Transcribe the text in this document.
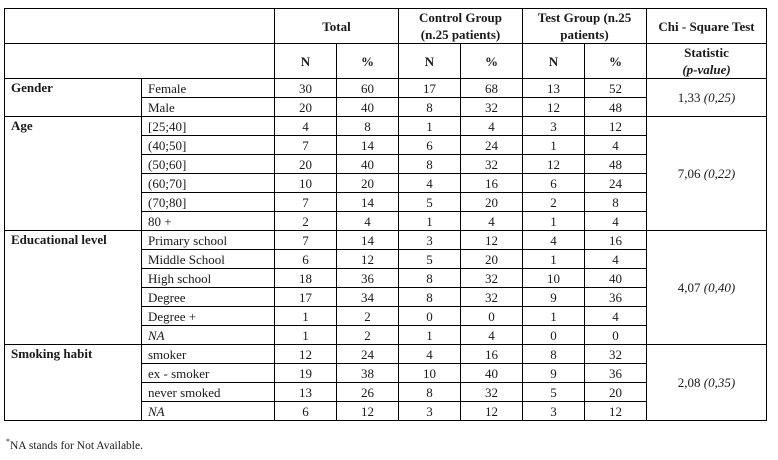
		Total		Control Group (n.25 patients)		Test Group (n.25 patients)		Chi - Square Test
		N	%	N	%	N	%	Statistic
(p-value)
Gender	Female	30	60	17	68	13	52	1,33 (0,25)
	Male	20	40	8	32	12	48	
Age	[25;40]	4	8	1	4	3	12	7,06 (0,22)
	(40;50]	7	14	6	24	1	4	
	(50;60]	20	40	8	32	12	48	
	(60;70]	10	20	4	16	6	24	
	(70;80]	7	14	5	20	2	8	
	80 +	2	4	1	4	1	4	
Educational level	Primary school	7	14	3	12	4	16	4,07 (0,40)
	Middle School	6	12	5	20	1	4	
	High school	18	36	8	32	10	40	
	Degree	17	34	8	32	9	36	
	Degree +	1	2	0	0	1	4	
	NA	1	2	1	4	0	0	
Smoking habit	smoker	12	24	4	16	8	32	2,08 (0,35)
	ex - smoker	19	38	10	40	9	36	
	never smoked	13	26	8	32	5	20	
	NA	6	12	3	12	3	12	
*NA stands for Not Available.
